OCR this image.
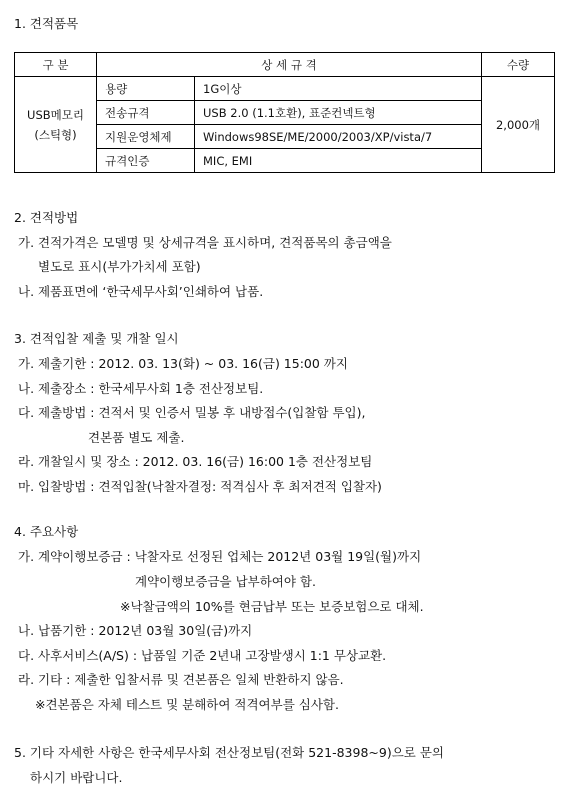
1. 견적품목
구 분	상 세 규 격		수량

USB메모리
(스틱형)	용량	1G이상	2,000개
	전송규격	USB 2.0 (1.1호환), 표준컨넥트형	
	지원운영체제	Windows98SE/ME/2000/2003/XP/vista/7	
	규격인증	MIC, EMI	
2. 견적방법
가. 견적가격은 모델명 및 상세규격을 표시하며, 견적품목의 총금액을
별도로 표시(부가가치세 포함)
나. 제품표면에 ‘한국세무사회’인쇄하여 납품.
3. 견적입찰 제출 및 개찰 일시
가. 제출기한 : 2012. 03. 13(화) ~ 03. 16(금) 15:00 까지
나. 제출장소 : 한국세무사회 1층 전산정보팀.
다. 제출방법 : 견적서 및 인증서 밀봉 후 내방접수(입찰함 투입),
견본품 별도 제출.
라. 개찰일시 및 장소 : 2012. 03. 16(금) 16:00 1층 전산정보팀
마. 입찰방법 : 견적입찰(낙찰자결정: 적격심사 후 최저견적 입찰자)
4. 주요사항
가. 계약이행보증금 : 낙찰자로 선정된 업체는 2012년 03월 19일(월)까지
계약이행보증금을 납부하여야 함.
※낙찰금액의 10%를 현금납부 또는 보증보험으로 대체.
나. 납품기한 : 2012년 03월 30일(금)까지
다. 사후서비스(A/S) : 납품일 기준 2년내 고장발생시 1:1 무상교환.
라. 기타 : 제출한 입찰서류 및 견본품은 일체 반환하지 않음.
※견본품은 자체 테스트 및 분해하여 적격여부를 심사함.
5. 기타 자세한 사항은 한국세무사회 전산정보팀(전화 521-8398~9)으로 문의
하시기 바랍니다.
